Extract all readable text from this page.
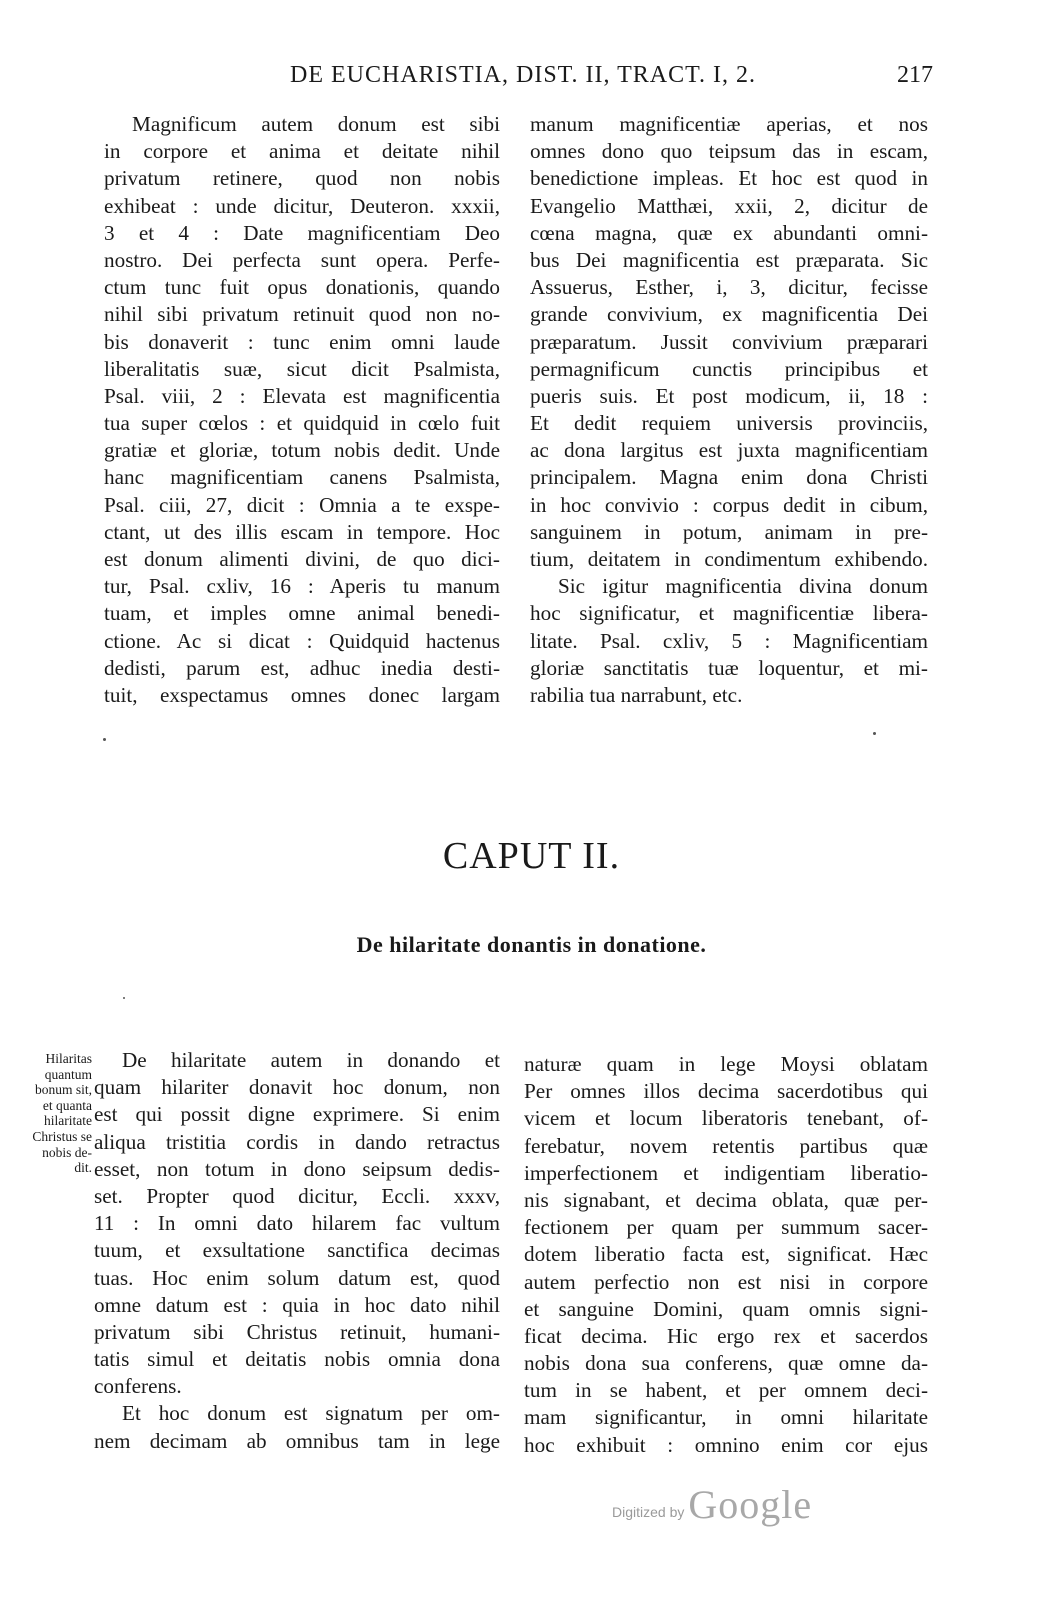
DE EUCHARISTIA, DIST. II, TRACT. I, 2.	217
Magnificum autem donum est sibi
in corpore et anima et deitate nihil
privatum retinere, quod non nobis
exhibeat : unde dicitur, Deuteron. xxxii,
3 et 4 : Date magnificentiam Deo
nostro. Dei perfecta sunt opera. Perfe-
ctum tunc fuit opus donationis, quando
nihil sibi privatum retinuit quod non no-
bis donaverit : tunc enim omni laude
liberalitatis suæ, sicut dicit Psalmista,
Psal. viii, 2 : Elevata est magnificentia
tua super cœlos : et quidquid in cœlo fuit
gratiæ et gloriæ, totum nobis dedit. Unde
hanc magnificentiam canens Psalmista,
Psal. ciii, 27, dicit : Omnia a te exspe-
ctant, ut des illis escam in tempore. Hoc
est donum alimenti divini, de quo dici-
tur, Psal. cxliv, 16 : Aperis tu manum
tuam, et imples omne animal benedi-
ctione. Ac si dicat : Quidquid hactenus
dedisti, parum est, adhuc inedia desti-
tuit, exspectamus omnes donec largam
manum magnificentiæ aperias, et nos
omnes dono quo teipsum das in escam,
benedictione impleas. Et hoc est quod in
Evangelio Matthæi, xxii, 2, dicitur de
cœna magna, quæ ex abundanti omni-
bus Dei magnificentia est præparata. Sic
Assuerus, Esther, i, 3, dicitur, fecisse
grande convivium, ex magnificentia Dei
præparatum. Jussit convivium præparari
permagnificum cunctis principibus et
pueris suis. Et post modicum, ii, 18 :
Et dedit requiem universis provinciis,
ac dona largitus est juxta magnificentiam
principalem. Magna enim dona Christi
in hoc convivio : corpus dedit in cibum,
sanguinem in potum, animam in pre-
tium, deitatem in condimentum exhibendo.
Sic igitur magnificentia divina donum
hoc significatur, et magnificentiæ libera-
litate. Psal. cxliv, 5 : Magnificentiam
gloriæ sanctitatis tuæ loquentur, et mi-
rabilia tua narrabunt, etc.
CAPUT II.
De hilaritate donantis in donatione.
Hilaritas
quantum
bonum sit,
et quanta
hilaritate
Christus se
nobis de-
dit.
De hilaritate autem in donando et
quam hilariter donavit hoc donum, non
est qui possit digne exprimere. Si enim
aliqua tristitia cordis in dando retractus
esset, non totum in dono seipsum dedis-
set. Propter quod dicitur, Eccli. xxxv,
11 : In omni dato hilarem fac vultum
tuum, et exsultatione sanctifica decimas
tuas. Hoc enim solum datum est, quod
omne datum est : quia in hoc dato nihil
privatum sibi Christus retinuit, humani-
tatis simul et deitatis nobis omnia dona
conferens.
Et hoc donum est signatum per om-
nem decimam ab omnibus tam in lege
naturæ quam in lege Moysi oblatam
Per omnes illos decima sacerdotibus qui
vicem et locum liberatoris tenebant, of-
ferebatur, novem retentis partibus quæ
imperfectionem et indigentiam liberatio-
nis signabant, et decima oblata, quæ per-
fectionem per quam per summum sacer-
dotem liberatio facta est, significat. Hæc
autem perfectio non est nisi in corpore
et sanguine Domini, quam omnis signi-
ficat decima. Hic ergo rex et sacerdos
nobis dona sua conferens, quæ omne da-
tum in se habent, et per omnem deci-
mam significantur, in omni hilaritate
hoc exhibuit : omnino enim cor ejus
Digitized by Google
